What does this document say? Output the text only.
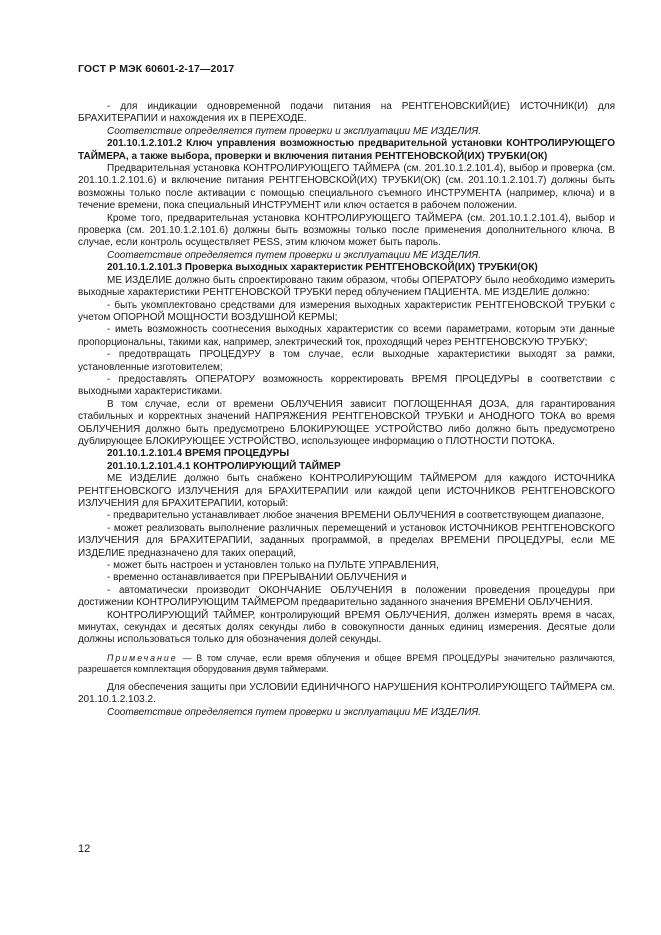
ГОСТ Р МЭК 60601-2-17—2017

- для индикации одновременной подачи питания на РЕНТГЕНОВСКИЙ(ИЕ) ИСТОЧНИК(И) для БРАХИТЕРАПИИ и нахождения их в ПЕРЕХОДЕ.

Соответствие определяется путем проверки и эксплуатации МЕ ИЗДЕЛИЯ.

201.10.1.2.101.2 Ключ управления возможностью предварительной установки КОНТРОЛИРУЮЩЕГО ТАЙМЕРА, а также выбора, проверки и включения питания РЕНТГЕНОВСКОЙ(ИХ) ТРУБКИ(ОК)

Предварительная установка КОНТРОЛИРУЮЩЕГО ТАЙМЕРА (см. 201.10.1.2.101.4), выбор и проверка (см. 201.10.1.2.101.6) и включение питания РЕНТГЕНОВСКОЙ(ИХ) ТРУБКИ(ОК) (см. 201.10.1.2.101.7) должны быть возможны только после активации с помощью специального съемного ИНСТРУМЕНТА (например, ключа) и в течение времени, пока специальный ИНСТРУМЕНТ или ключ остается в рабочем положении.

Кроме того, предварительная установка КОНТРОЛИРУЮЩЕГО ТАЙМЕРА (см. 201.10.1.2.101.4), выбор и проверка (см. 201.10.1.2.101.6) должны быть возможны только после применения дополнительного ключа. В случае, если контроль осуществляет PESS, этим ключом может быть пароль.

Соответствие определяется путем проверки и эксплуатации МЕ ИЗДЕЛИЯ.

201.10.1.2.101.3 Проверка выходных характеристик РЕНТГЕНОВСКОЙ(ИХ) ТРУБКИ(ОК)

МЕ ИЗДЕЛИЕ должно быть спроектировано таким образом, чтобы ОПЕРАТОРУ было необходимо измерить выходные характеристики РЕНТГЕНОВСКОЙ ТРУБКИ перед облучением ПАЦИЕНТА. МЕ ИЗДЕЛИЕ должно:

- быть укомплектовано средствами для измерения выходных характеристик РЕНТГЕНОВСКОЙ ТРУБКИ с учетом ОПОРНОЙ МОЩНОСТИ ВОЗДУШНОЙ КЕРМЫ;

- иметь возможность соотнесения выходных характеристик со всеми параметрами, которым эти данные пропорциональны, такими как, например, электрический ток, проходящий через РЕНТГЕНОВСКУЮ ТРУБКУ;

- предотвращать ПРОЦЕДУРУ в том случае, если выходные характеристики выходят за рамки, установленные изготовителем;

- предоставлять ОПЕРАТОРУ возможность корректировать ВРЕМЯ ПРОЦЕДУРЫ в соответствии с выходными характеристиками.

В том случае, если от времени ОБЛУЧЕНИЯ зависит ПОГЛОЩЕННАЯ ДОЗА, для гарантирования стабильных и корректных значений НАПРЯЖЕНИЯ РЕНТГЕНОВСКОЙ ТРУБКИ и АНОДНОГО ТОКА во время ОБЛУЧЕНИЯ должно быть предусмотрено БЛОКИРУЮЩЕЕ УСТРОЙСТВО либо должно быть предусмотрено дублирующее БЛОКИРУЮЩЕЕ УСТРОЙСТВО, использующее информацию о ПЛОТНОСТИ ПОТОКА.

201.10.1.2.101.4 ВРЕМЯ ПРОЦЕДУРЫ

201.10.1.2.101.4.1 КОНТРОЛИРУЮЩИЙ ТАЙМЕР

МЕ ИЗДЕЛИЕ должно быть снабжено КОНТРОЛИРУЮЩИМ ТАЙМЕРОМ для каждого ИСТОЧНИКА РЕНТГЕНОВСКОГО ИЗЛУЧЕНИЯ для БРАХИТЕРАПИИ или каждой цепи ИСТОЧНИКОВ РЕНТГЕНОВСКОГО ИЗЛУЧЕНИЯ для БРАХИТЕРАПИИ, который:

- предварительно устанавливает любое значения ВРЕМЕНИ ОБЛУЧЕНИЯ в соответствующем диапазоне,

- может реализовать выполнение различных перемещений и установок ИСТОЧНИКОВ РЕНТГЕНОВСКОГО ИЗЛУЧЕНИЯ для БРАХИТЕРАПИИ, заданных программой, в пределах ВРЕМЕНИ ПРОЦЕДУРЫ, если МЕ ИЗДЕЛИЕ предназначено для таких операций,

- может быть настроен и установлен только на ПУЛЬТЕ УПРАВЛЕНИЯ,

- временно останавливается при ПРЕРЫВАНИИ ОБЛУЧЕНИЯ и

- автоматически производит ОКОНЧАНИЕ ОБЛУЧЕНИЯ в положении проведения процедуры при достижении КОНТРОЛИРУЮЩИМ ТАЙМЕРОМ предварительно заданного значения ВРЕМЕНИ ОБЛУЧЕНИЯ.

КОНТРОЛИРУЮЩИЙ ТАЙМЕР, контролирующий ВРЕМЯ ОБЛУЧЕНИЯ, должен измерять время в часах, минутах, секундах и десятых долях секунды либо в совокупности данных единиц измерения. Десятые доли должны использоваться только для обозначения долей секунды.

Примечание — В том случае, если время облучения и общее ВРЕМЯ ПРОЦЕДУРЫ значительно различаются, разрешается комплектация оборудования двумя таймерами.

Для обеспечения защиты при УСЛОВИИ ЕДИНИЧНОГО НАРУШЕНИЯ КОНТРОЛИРУЮЩЕГО ТАЙМЕРА см. 201.10.1.2.103.2.

Соответствие определяется путем проверки и эксплуатации МЕ ИЗДЕЛИЯ.

12
